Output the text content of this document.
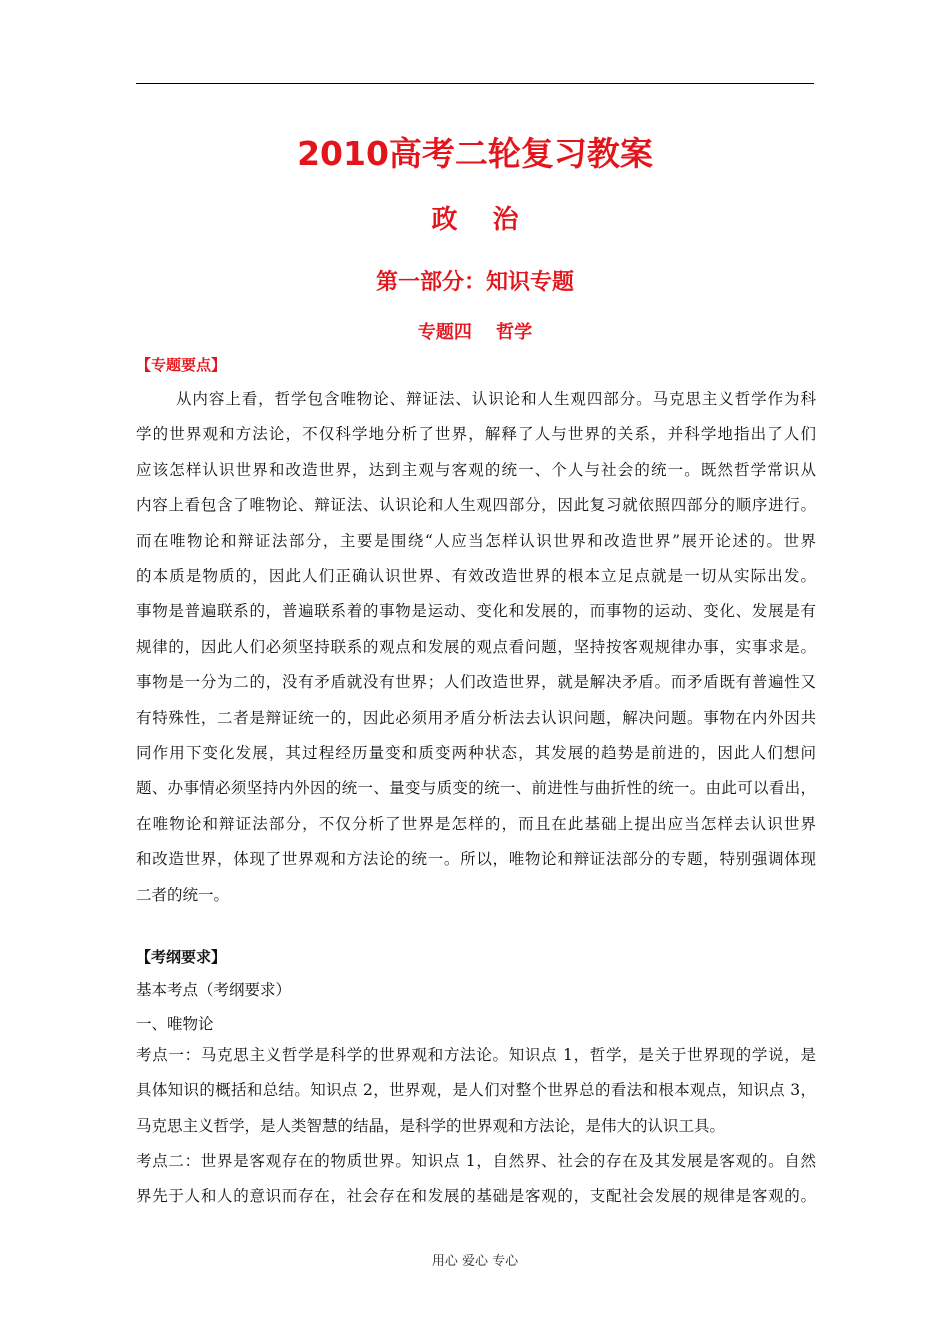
2010高考二轮复习教案
政　 治
第一部分：知识专题
专题四　 哲学
【专题要点】
从内容上看，哲学包含唯物论、辩证法、认识论和人生观四部分。马克思主义哲学作为科
学的世界观和方法论，不仅科学地分析了世界，解释了人与世界的关系，并科学地指出了人们
应该怎样认识世界和改造世界，达到主观与客观的统一、个人与社会的统一。既然哲学常识从
内容上看包含了唯物论、辩证法、认识论和人生观四部分，因此复习就依照四部分的顺序进行。
而在唯物论和辩证法部分，主要是围绕“人应当怎样认识世界和改造世界”展开论述的。世界
的本质是物质的，因此人们正确认识世界、有效改造世界的根本立足点就是一切从实际出发。
事物是普遍联系的，普遍联系着的事物是运动、变化和发展的，而事物的运动、变化、发展是有
规律的，因此人们必须坚持联系的观点和发展的观点看问题，坚持按客观规律办事，实事求是。
事物是一分为二的，没有矛盾就没有世界；人们改造世界，就是解决矛盾。而矛盾既有普遍性又
有特殊性，二者是辩证统一的，因此必须用矛盾分析法去认识问题，解决问题。事物在内外因共
同作用下变化发展，其过程经历量变和质变两种状态，其发展的趋势是前进的，因此人们想问
题、办事情必须坚持内外因的统一、量变与质变的统一、前进性与曲折性的统一。由此可以看出，
在唯物论和辩证法部分，不仅分析了世界是怎样的，而且在此基础上提出应当怎样去认识世界
和改造世界，体现了世界观和方法论的统一。所以，唯物论和辩证法部分的专题，特别强调体现
二者的统一。
【考纲要求】
基本考点（考纲要求）
一、唯物论
考点一：马克思主义哲学是科学的世界观和方法论。知识点 1，哲学，是关于世界现的学说，是
具体知识的概括和总结。知识点 2，世界观，是人们对整个世界总的看法和根本观点，知识点 3，
马克思主义哲学，是人类智慧的结晶，是科学的世界观和方法论，是伟大的认识工具。
考点二：世界是客观存在的物质世界。知识点 1，自然界、社会的存在及其发展是客观的。自然
界先于人和人的意识而存在，社会存在和发展的基础是客观的，支配社会发展的规律是客观的。
用心 爱心 专心
